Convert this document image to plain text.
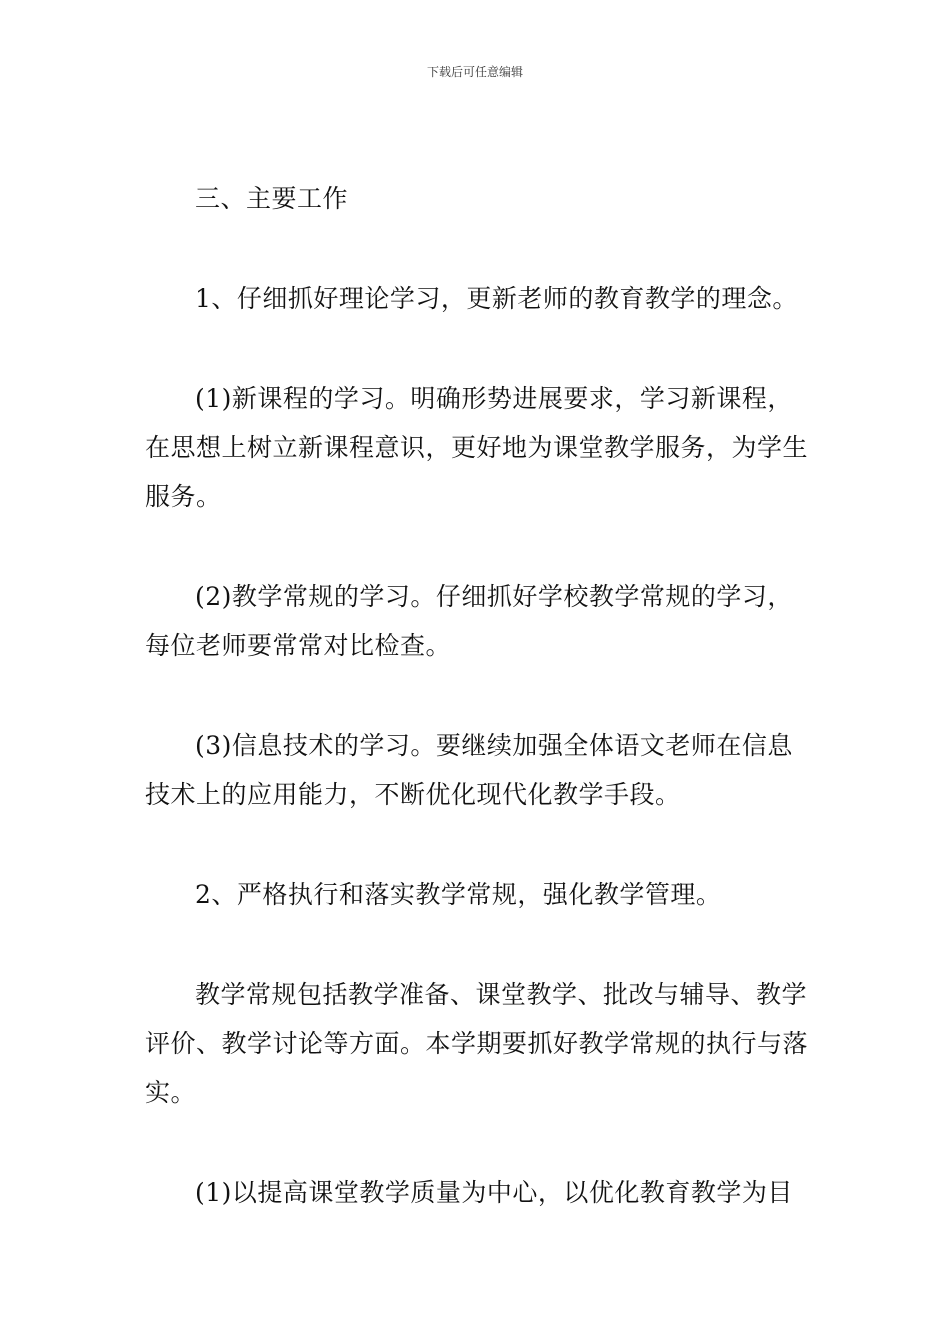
下载后可任意编辑

三、主要工作

1、仔细抓好理论学习，更新老师的教育教学的理念。

(1)新课程的学习。明确形势进展要求，学习新课程，在思想上树立新课程意识，更好地为课堂教学服务，为学生服务。

(2)教学常规的学习。仔细抓好学校教学常规的学习，每位老师要常常对比检查。

(3)信息技术的学习。要继续加强全体语文老师在信息技术上的应用能力，不断优化现代化教学手段。

2、严格执行和落实教学常规，强化教学管理。

教学常规包括教学准备、课堂教学、批改与辅导、教学评价、教学讨论等方面。本学期要抓好教学常规的执行与落实。

(1)以提高课堂教学质量为中心，以优化教育教学为目
